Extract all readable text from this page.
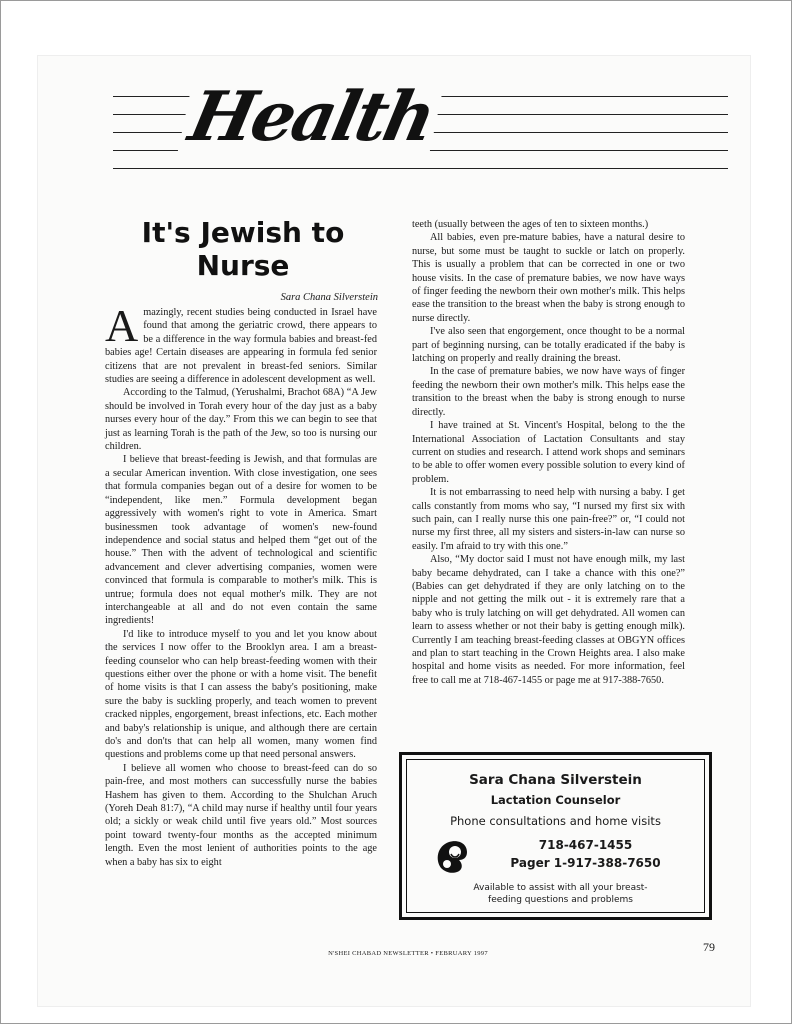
Health
It's Jewish to
Nurse
Sara Chana Silverstein

Amazingly, recent studies being conducted in Israel have found that among the geriatric crowd, there appears to be a difference in the way formula babies and breast-fed babies age! Certain diseases are appearing in formula fed senior citizens that are not prevalent in breast-fed seniors. Similar studies are seeing a difference in adolescent development as well.

According to the Talmud, (Yerushalmi, Brachot 68A) “A Jew should be involved in Torah every hour of the day just as a baby nurses every hour of the day.” From this we can begin to see that just as learning Torah is the path of the Jew, so too is nursing our children.

I believe that breast-feeding is Jewish, and that formulas are a secular American invention. With close investigation, one sees that formula companies began out of a desire for women to be “independent, like men.” Formula development began aggressively with women's right to vote in America. Smart businessmen took advantage of women's new-found independence and social status and helped them “get out of the house.” Then with the advent of technological and scientific advancement and clever advertising companies, women were convinced that formula is comparable to mother's milk. This is untrue; formula does not equal mother's milk. They are not interchangeable at all and do not even contain the same ingredients!

I'd like to introduce myself to you and let you know about the services I now offer to the Brooklyn area. I am a breast-feeding counselor who can help breast-feeding women with their questions either over the phone or with a home visit. The benefit of home visits is that I can assess the baby's positioning, make sure the baby is suckling properly, and teach women to prevent cracked nipples, engorgement, breast infections, etc. Each mother and baby's relationship is unique, and although there are certain do's and don'ts that can help all women, many women find questions and problems come up that need personal answers.

I believe all women who choose to breast-feed can do so pain-free, and most mothers can successfully nurse the babies Hashem has given to them. According to the Shulchan Aruch (Yoreh Deah 81:7), “A child may nurse if healthy until four years old; a sickly or weak child until five years old.” Most sources point toward twenty-four months as the accepted minimum length. Even the most lenient of authorities points to the age when a baby has six to eight

teeth (usually between the ages of ten to sixteen months.)

All babies, even pre-mature babies, have a natural desire to nurse, but some must be taught to suckle or latch on properly. This is usually a problem that can be corrected in one or two house visits. In the case of premature babies, we now have ways of finger feeding the newborn their own mother's milk. This helps ease the transition to the breast when the baby is strong enough to nurse directly.

I've also seen that engorgement, once thought to be a normal part of beginning nursing, can be totally eradicated if the baby is latching on properly and really draining the breast.

In the case of premature babies, we now have ways of finger feeding the newborn their own mother's milk. This helps ease the transition to the breast when the baby is strong enough to nurse directly.

I have trained at St. Vincent's Hospital, belong to the the International Association of Lactation Consultants and stay current on studies and research. I attend work shops and seminars to be able to offer women every possible solution to every kind of problem.

It is not embarrassing to need help with nursing a baby. I get calls constantly from moms who say, “I nursed my first six with such pain, can I really nurse this one pain-free?” or, “I could not nurse my first three, all my sisters and sisters-in-law can nurse so easily. I'm afraid to try with this one.”

Also, “My doctor said I must not have enough milk, my last baby became dehydrated, can I take a chance with this one?” (Babies can get dehydrated if they are only latching on to the nipple and not getting the milk out - it is extremely rare that a baby who is truly latching on will get dehydrated. All women can learn to assess whether or not their baby is getting enough milk). Currently I am teaching breast-feeding classes at OBGYN offices and plan to start teaching in the Crown Heights area. I also make hospital and home visits as needed. For more information, feel free to call me at 718-467-1455 or page me at 917-388-7650.

Sara Chana Silverstein
Lactation Counselor
Phone consultations and home visits
718-467-1455
Pager 1-917-388-7650
Available to assist with all your breast-
feeding questions and problems
N'SHEI CHABAD NEWSLETTER • FEBRUARY 1997	79
